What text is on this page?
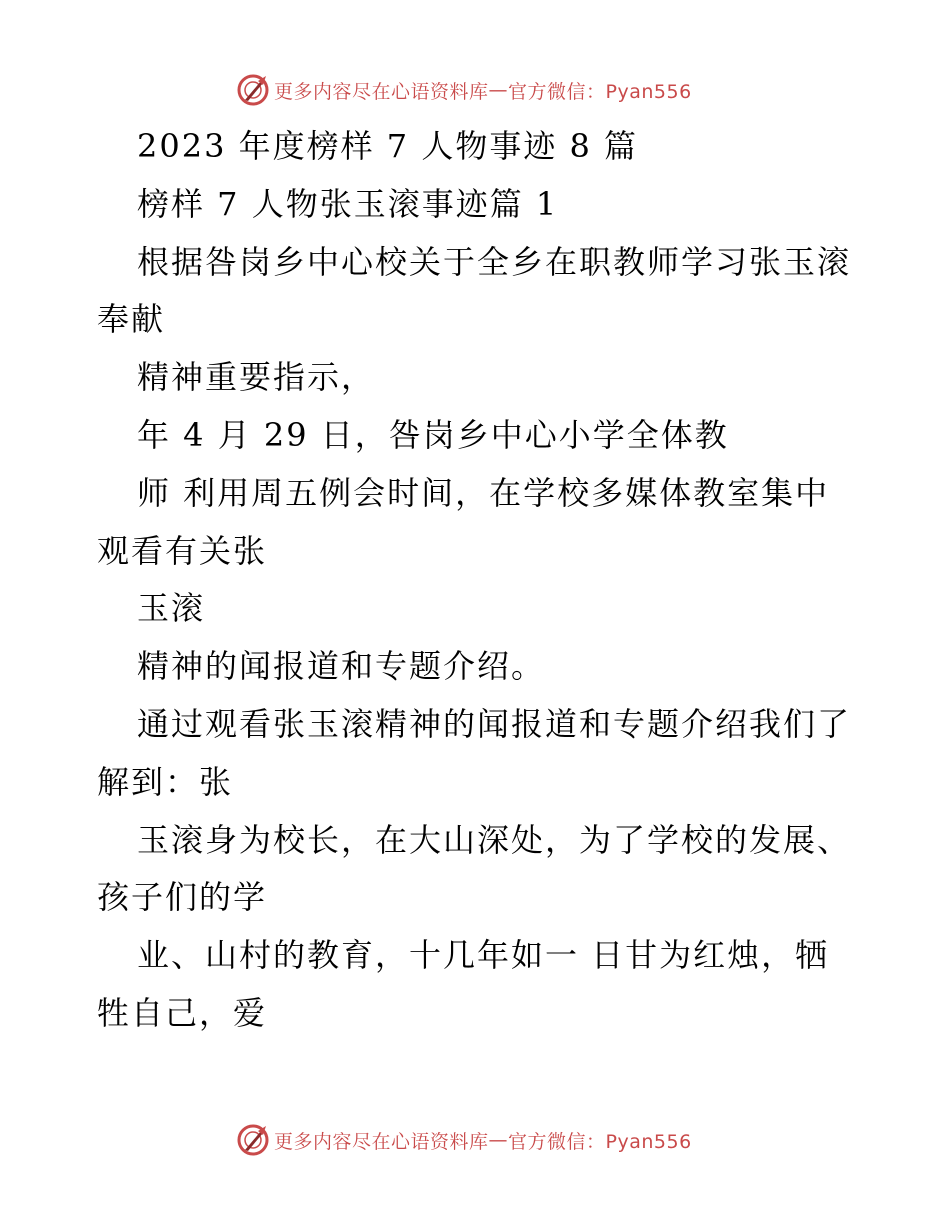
更多内容尽在心语资料库 — 官方微信：Pyan556
2023 年度榜样 7 人物事迹 8 篇
榜样 7 人物张玉滚事迹篇 1
根据咎岗乡中心校关于全乡在职教师学习张玉滚
奉献
精神重要指示，
年 4 月 29 日，咎岗乡中心小学全体教
师 利用周五例会时间，在学校多媒体教室集中
观看有关张
玉滚
精神的闻报道和专题介绍。
通过观看张玉滚精神的闻报道和专题介绍我们了
解到：张
玉滚身为校长，在大山深处，为了学校的发展、
孩子们的学
业、山村的教育，十几年如一 日甘为红烛，牺
牲自己，爱
更多内容尽在心语资料库 — 官方微信：Pyan556
